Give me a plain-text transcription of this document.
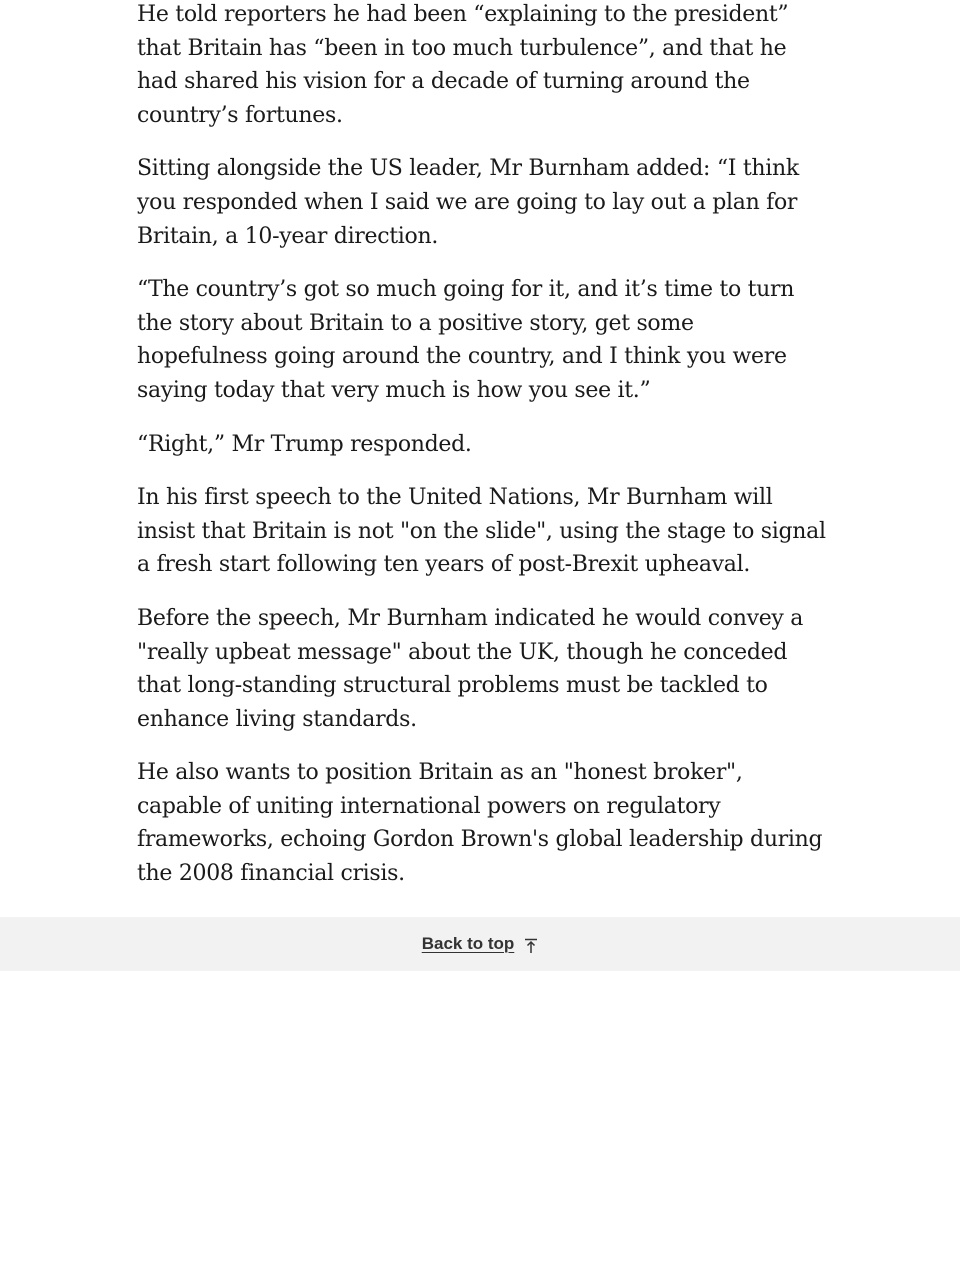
He told reporters he had been “explaining to the president” that Britain has “been in too much turbulence”, and that he had shared his vision for a decade of turning around the country’s fortunes.

Sitting alongside the US leader, Mr Burnham added: “I think you responded when I said we are going to lay out a plan for Britain, a 10-year direction.

“The country’s got so much going for it, and it’s time to turn the story about Britain to a positive story, get some hopefulness going around the country, and I think you were saying today that very much is how you see it.”

“Right,” Mr Trump responded.

In his first speech to the United Nations, Mr Burnham will insist that Britain is not "on the slide", using the stage to signal a fresh start following ten years of post-Brexit upheaval.

Before the speech, Mr Burnham indicated he would convey a "really upbeat message" about the UK, though he conceded that long-standing structural problems must be tackled to enhance living standards.

He also wants to position Britain as an "honest broker", capable of uniting international powers on regulatory frameworks, echoing Gordon Brown's global leadership during the 2008 financial crisis.

Back to top
